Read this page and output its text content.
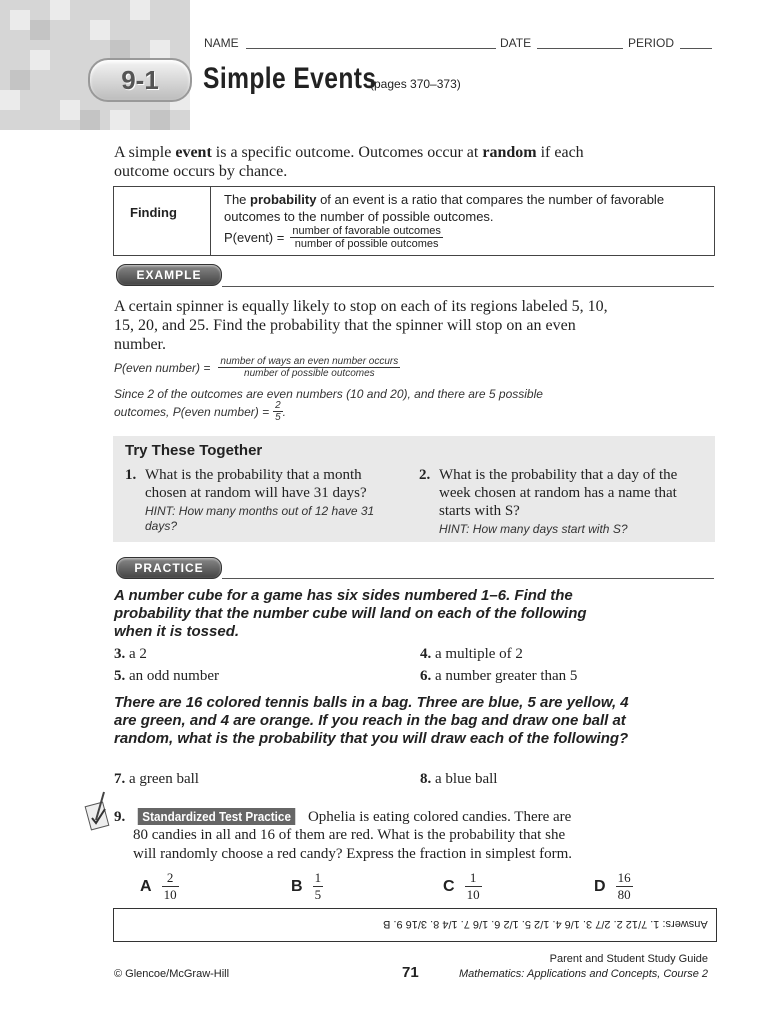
9-1
NAME	DATE	PERIOD
Simple Events
(pages 370–373)
A simple event is a specific outcome. Outcomes occur at random if each outcome occurs by chance.
Finding
The probability of an event is a ratio that compares the number of favorable outcomes to the number of possible outcomes.
P(event) = $\frac{\text{number of favorable outcomes}}{\text{number of possible outcomes}}$
EXAMPLE
A certain spinner is equally likely to stop on each of its regions labeled 5, 10, 15, 20, and 25. Find the probability that the spinner will stop on an even number.
P(even number) = $\frac{\text{number of ways an even number occurs}}{\text{number of possible outcomes}}$
Since 2 of the outcomes are even numbers (10 and 20), and there are 5 possible
outcomes, P(even number) = $\frac{2}{5}$ .
Try These Together
1. What is the probability that a month chosen at random will have 31 days?
HINT: How many months out of 12 have 31 days?
2. What is the probability that a day of the week chosen at random has a name that starts with S?
HINT: How many days start with S?
PRACTICE
A number cube for a game has six sides numbered 1–6. Find the probability that the number cube will land on each of the following when it is tossed.
3. a 2	4. a multiple of 2
5. an odd number	6. a number greater than 5
There are 16 colored tennis balls in a bag. Three are blue, 5 are yellow, 4 are green, and 4 are orange. If you reach in the bag and draw one ball at random, what is the probability that you will draw each of the following?
7. a green ball	8. a blue ball
9. Standardized Test Practice Ophelia is eating colored candies. There are
80 candies in all and 16 of them are red. What is the probability that she
will randomly choose a red candy? Express the fraction in simplest form.
A $\frac{2}{10}$	B $\frac{1}{5}$	C $\frac{1}{10}$	D $\frac{16}{80}$
Answers: 1. 7/12 2. 2/7 3. 1/6 4. 1/2 5. 1/2 6. 1/6 7. 1/4 8. 3/16 9. B
© Glencoe/McGraw-Hill	71
Parent and Student Study Guide
Mathematics: Applications and Concepts, Course 2
